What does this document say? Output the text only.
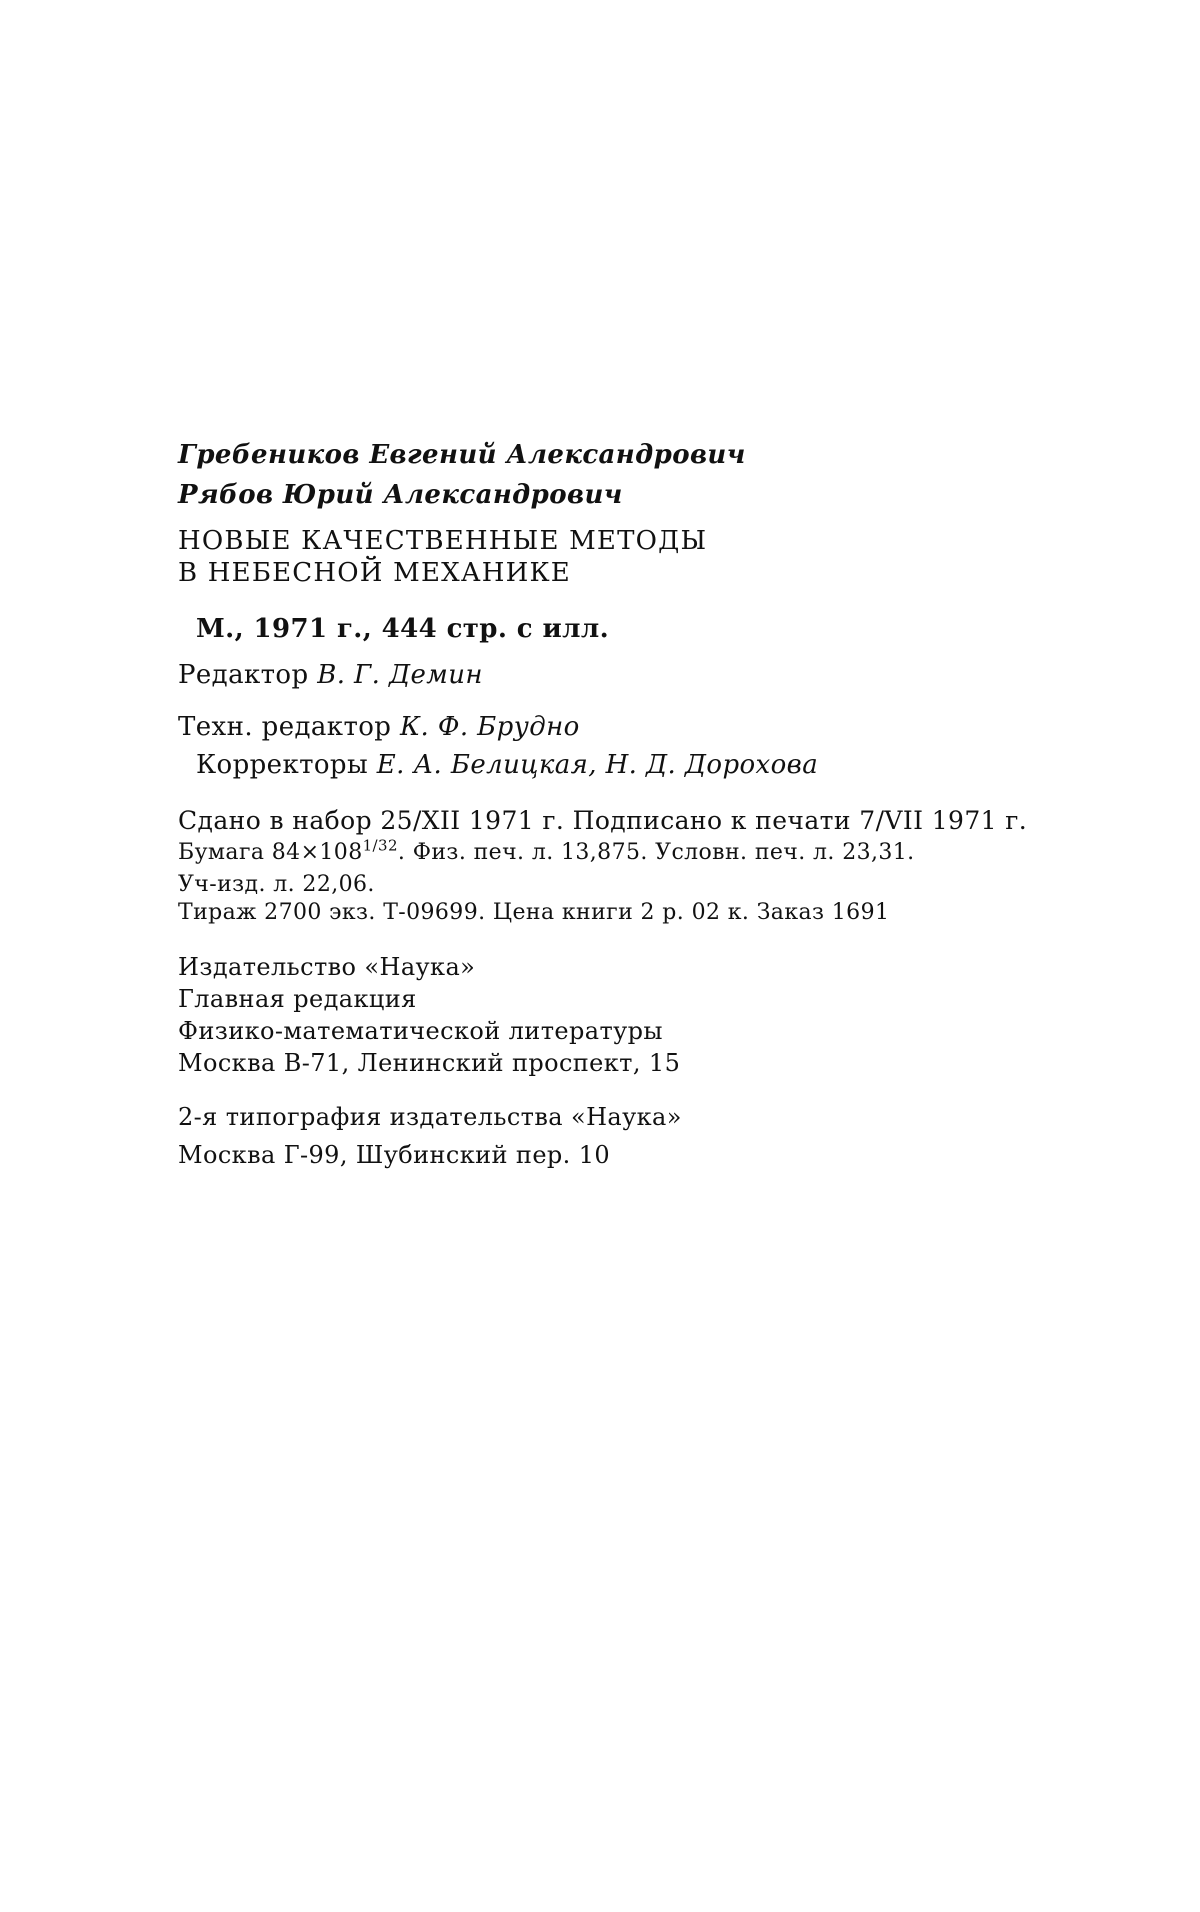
Гребеников Евгений Александрович
Рябов Юрий Александрович
НОВЫЕ КАЧЕСТВЕННЫЕ МЕТОДЫ
В НЕБЕСНОЙ МЕХАНИКЕ
М., 1971 г., 444 стр. с илл.
Редактор В. Г. Демин
Техн. редактор К. Ф. Брудно
Корректоры Е. А. Белицкая, Н. Д. Дорохова
Сдано в набор 25/XII 1971 г. Подписано к печати 7/VII 1971 г.
Бумага $84\times 108^{1/32}$. Физ. печ. л. 13,875. Условн. печ. л. 23,31.
Уч-изд. л. 22,06.
Тираж 2700 экз. Т-09699. Цена книги 2 р. 02 к. Заказ 1691
Издательство «Наука»
Главная редакция
Физико-математической литературы
Москва В-71, Ленинский проспект, 15
2-я типография издательства «Наука»
Москва Г-99, Шубинский пер. 10
